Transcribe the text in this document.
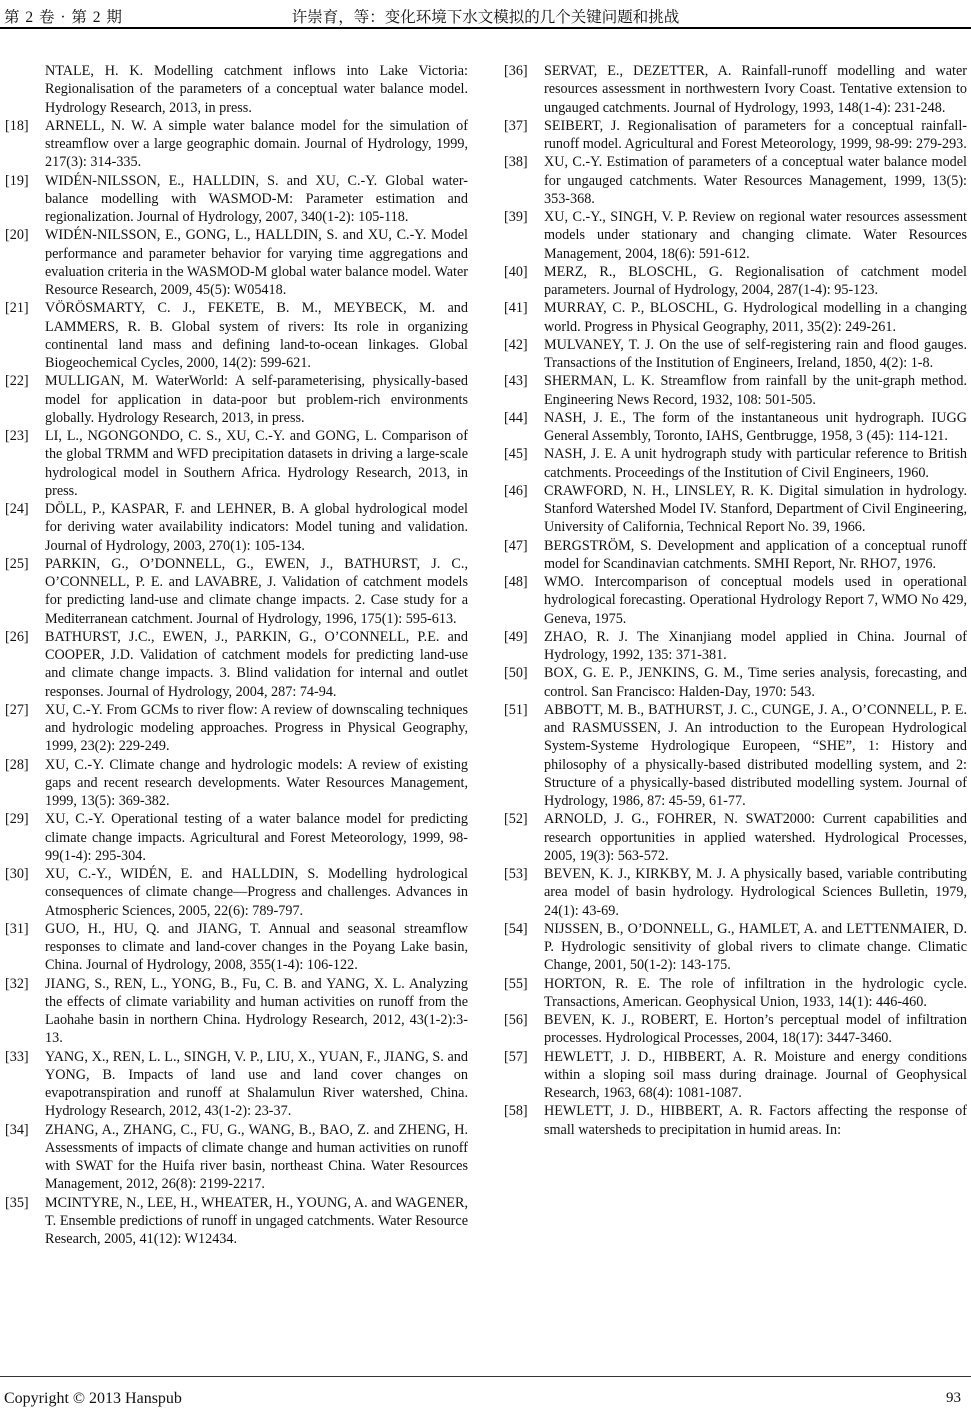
第 2 卷 · 第 2 期	许崇育，等：变化环境下水文模拟的几个关键问题和挑战
NTALE, H. K. Modelling catchment inflows into Lake Victoria: Regionalisation of the parameters of a conceptual water balance model. Hydrology Research, 2013, in press.
[18] ARNELL, N. W. A simple water balance model for the simulation of streamflow over a large geographic domain. Journal of Hydrology, 1999, 217(3): 314-335.
[19] WIDÉN-NILSSON, E., HALLDIN, S. and XU, C.-Y. Global water-balance modelling with WASMOD-M: Parameter estimation and regionalization. Journal of Hydrology, 2007, 340(1-2): 105-118.
[20] WIDÉN-NILSSON, E., GONG, L., HALLDIN, S. and XU, C.-Y. Model performance and parameter behavior for varying time aggregations and evaluation criteria in the WASMOD-M global water balance model. Water Resource Research, 2009, 45(5): W05418.
[21] VÖRÖSMARTY, C. J., FEKETE, B. M., MEYBECK, M. and LAMMERS, R. B. Global system of rivers: Its role in organizing continental land mass and defining land-to-ocean linkages. Global Biogeochemical Cycles, 2000, 14(2): 599-621.
[22] MULLIGAN, M. WaterWorld: A self-parameterising, physically-based model for application in data-poor but problem-rich environments globally. Hydrology Research, 2013, in press.
[23] LI, L., NGONGONDO, C. S., XU, C.-Y. and GONG, L. Comparison of the global TRMM and WFD precipitation datasets in driving a large-scale hydrological model in Southern Africa. Hydrology Research, 2013, in press.
[24] DÖLL, P., KASPAR, F. and LEHNER, B. A global hydrological model for deriving water availability indicators: Model tuning and validation. Journal of Hydrology, 2003, 270(1): 105-134.
[25] PARKIN, G., O’DONNELL, G., EWEN, J., BATHURST, J. C., O’CONNELL, P. E. and LAVABRE, J. Validation of catchment models for predicting land-use and climate change impacts. 2. Case study for a Mediterranean catchment. Journal of Hydrology, 1996, 175(1): 595-613.
[26] BATHURST, J.C., EWEN, J., PARKIN, G., O’CONNELL, P.E. and COOPER, J.D. Validation of catchment models for predicting land-use and climate change impacts. 3. Blind validation for internal and outlet responses. Journal of Hydrology, 2004, 287: 74-94.
[27] XU, C.-Y. From GCMs to river flow: A review of downscaling techniques and hydrologic modeling approaches. Progress in Physical Geography, 1999, 23(2): 229-249.
[28] XU, C.-Y. Climate change and hydrologic models: A review of existing gaps and recent research developments. Water Resources Management, 1999, 13(5): 369-382.
[29] XU, C.-Y. Operational testing of a water balance model for predicting climate change impacts. Agricultural and Forest Meteorology, 1999, 98-99(1-4): 295-304.
[30] XU, C.-Y., WIDÉN, E. and HALLDIN, S. Modelling hydrological consequences of climate change—Progress and challenges. Advances in Atmospheric Sciences, 2005, 22(6): 789-797.
[31] GUO, H., HU, Q. and JIANG, T. Annual and seasonal streamflow responses to climate and land-cover changes in the Poyang Lake basin, China. Journal of Hydrology, 2008, 355(1-4): 106-122.
[32] JIANG, S., REN, L., YONG, B., Fu, C. B. and YANG, X. L. Analyzing the effects of climate variability and human activities on runoff from the Laohahe basin in northern China. Hydrology Research, 2012, 43(1-2):3-13.
[33] YANG, X., REN, L. L., SINGH, V. P., LIU, X., YUAN, F., JIANG, S. and YONG, B. Impacts of land use and land cover changes on evapotranspiration and runoff at Shalamulun River watershed, China. Hydrology Research, 2012, 43(1-2): 23-37.
[34] ZHANG, A., ZHANG, C., FU, G., WANG, B., BAO, Z. and ZHENG, H. Assessments of impacts of climate change and human activities on runoff with SWAT for the Huifa river basin, northeast China. Water Resources Management, 2012, 26(8): 2199-2217.
[35] MCINTYRE, N., LEE, H., WHEATER, H., YOUNG, A. and WAGENER, T. Ensemble predictions of runoff in ungaged catchments. Water Resource Research, 2005, 41(12): W12434.
[36] SERVAT, E., DEZETTER, A. Rainfall-runoff modelling and water resources assessment in northwestern Ivory Coast. Tentative extension to ungauged catchments. Journal of Hydrology, 1993, 148(1-4): 231-248.
[37] SEIBERT, J. Regionalisation of parameters for a conceptual rainfall-runoff model. Agricultural and Forest Meteorology, 1999, 98-99: 279-293.
[38] XU, C.-Y. Estimation of parameters of a conceptual water balance model for ungauged catchments. Water Resources Management, 1999, 13(5): 353-368.
[39] XU, C.-Y., SINGH, V. P. Review on regional water resources assessment models under stationary and changing climate. Water Resources Management, 2004, 18(6): 591-612.
[40] MERZ, R., BLOSCHL, G. Regionalisation of catchment model parameters. Journal of Hydrology, 2004, 287(1-4): 95-123.
[41] MURRAY, C. P., BLOSCHL, G. Hydrological modelling in a changing world. Progress in Physical Geography, 2011, 35(2): 249-261.
[42] MULVANEY, T. J. On the use of self-registering rain and flood gauges. Transactions of the Institution of Engineers, Ireland, 1850, 4(2): 1-8.
[43] SHERMAN, L. K. Streamflow from rainfall by the unit-graph method. Engineering News Record, 1932, 108: 501-505.
[44] NASH, J. E., The form of the instantaneous unit hydrograph. IUGG General Assembly, Toronto, IAHS, Gentbrugge, 1958, 3 (45): 114-121.
[45] NASH, J. E. A unit hydrograph study with particular reference to British catchments. Proceedings of the Institution of Civil Engineers, 1960.
[46] CRAWFORD, N. H., LINSLEY, R. K. Digital simulation in hydrology. Stanford Watershed Model IV. Stanford, Department of Civil Engineering, University of California, Technical Report No. 39, 1966.
[47] BERGSTRÖM, S. Development and application of a conceptual runoff model for Scandinavian catchments. SMHI Report, Nr. RHO7, 1976.
[48] WMO. Intercomparison of conceptual models used in operational hydrological forecasting. Operational Hydrology Report 7, WMO No 429, Geneva, 1975.
[49] ZHAO, R. J. The Xinanjiang model applied in China. Journal of Hydrology, 1992, 135: 371-381.
[50] BOX, G. E. P., JENKINS, G. M., Time series analysis, forecasting, and control. San Francisco: Halden-Day, 1970: 543.
[51] ABBOTT, M. B., BATHURST, J. C., CUNGE, J. A., O’CONNELL, P. E. and RASMUSSEN, J. An introduction to the European Hydrological System-Systeme Hydrologique Europeen, “SHE”, 1: History and philosophy of a physically-based distributed modelling system, and 2: Structure of a physically-based distributed modelling system. Journal of Hydrology, 1986, 87: 45-59, 61-77.
[52] ARNOLD, J. G., FOHRER, N. SWAT2000: Current capabilities and research opportunities in applied watershed. Hydrological Processes, 2005, 19(3): 563-572.
[53] BEVEN, K. J., KIRKBY, M. J. A physically based, variable contributing area model of basin hydrology. Hydrological Sciences Bulletin, 1979, 24(1): 43-69.
[54] NIJSSEN, B., O’DONNELL, G., HAMLET, A. and LETTENMAIER, D. P. Hydrologic sensitivity of global rivers to climate change. Climatic Change, 2001, 50(1-2): 143-175.
[55] HORTON, R. E. The role of infiltration in the hydrologic cycle. Transactions, American. Geophysical Union, 1933, 14(1): 446-460.
[56] BEVEN, K. J., ROBERT, E. Horton’s perceptual model of infiltration processes. Hydrological Processes, 2004, 18(17): 3447-3460.
[57] HEWLETT, J. D., HIBBERT, A. R. Moisture and energy conditions within a sloping soil mass during drainage. Journal of Geophysical Research, 1963, 68(4): 1081-1087.
[58] HEWLETT, J. D., HIBBERT, A. R. Factors affecting the response of small watersheds to precipitation in humid areas. In:
Copyright © 2013 Hanspub	93
